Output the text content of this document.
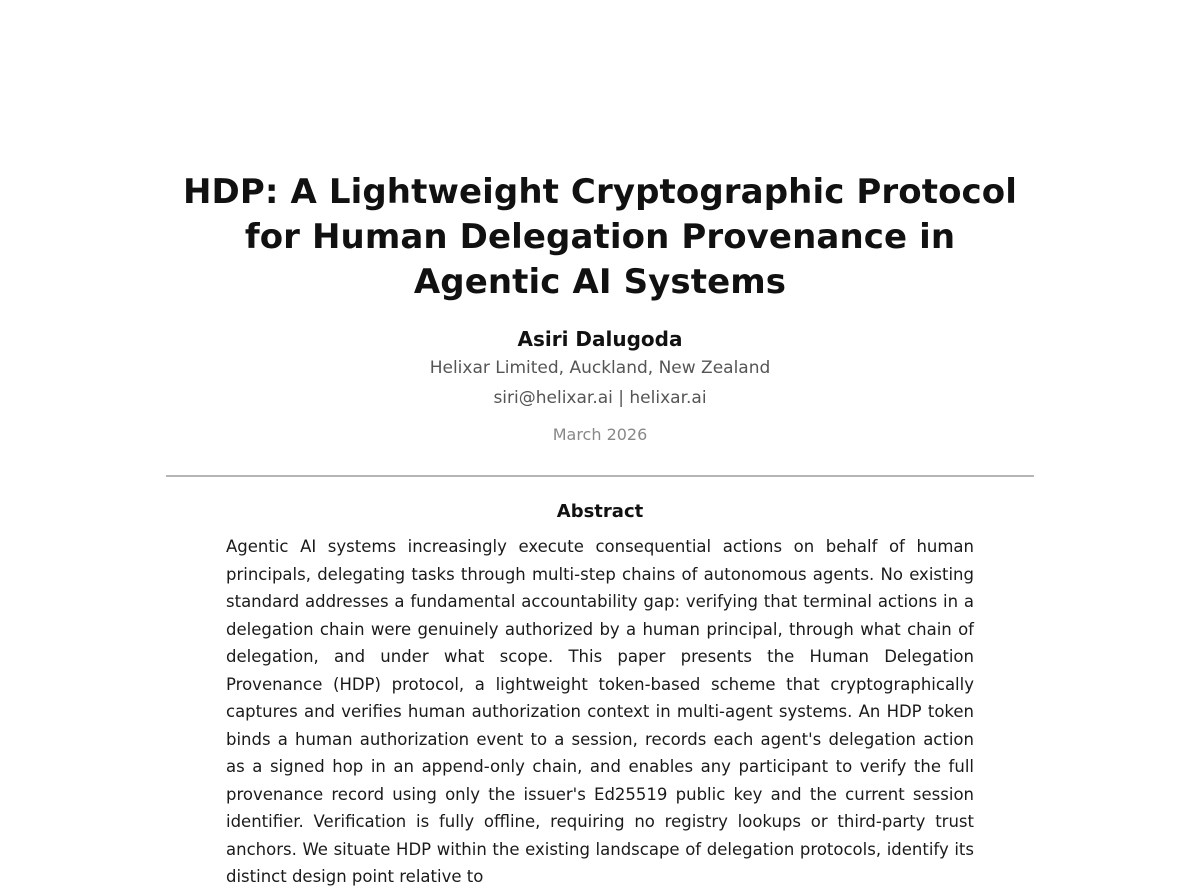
HDP: A Lightweight Cryptographic Protocol for Human Delegation Provenance in Agentic AI Systems
Asiri Dalugoda
Helixar Limited, Auckland, New Zealand
siri@helixar.ai | helixar.ai
March 2026
Abstract

Agentic AI systems increasingly execute consequential actions on behalf of human principals, delegating tasks through multi-step chains of autonomous agents. No existing standard addresses a fundamental accountability gap: verifying that terminal actions in a delegation chain were genuinely authorized by a human principal, through what chain of delegation, and under what scope. This paper presents the Human Delegation Provenance (HDP) protocol, a lightweight token-based scheme that cryptographically captures and verifies human authorization context in multi-agent systems. An HDP token binds a human authorization event to a session, records each agent's delegation action as a signed hop in an append-only chain, and enables any participant to verify the full provenance record using only the issuer's Ed25519 public key and the current session identifier. Verification is fully offline, requiring no registry lookups or third-party trust anchors. We situate HDP within the existing landscape of delegation protocols, identify its distinct design point relative to
